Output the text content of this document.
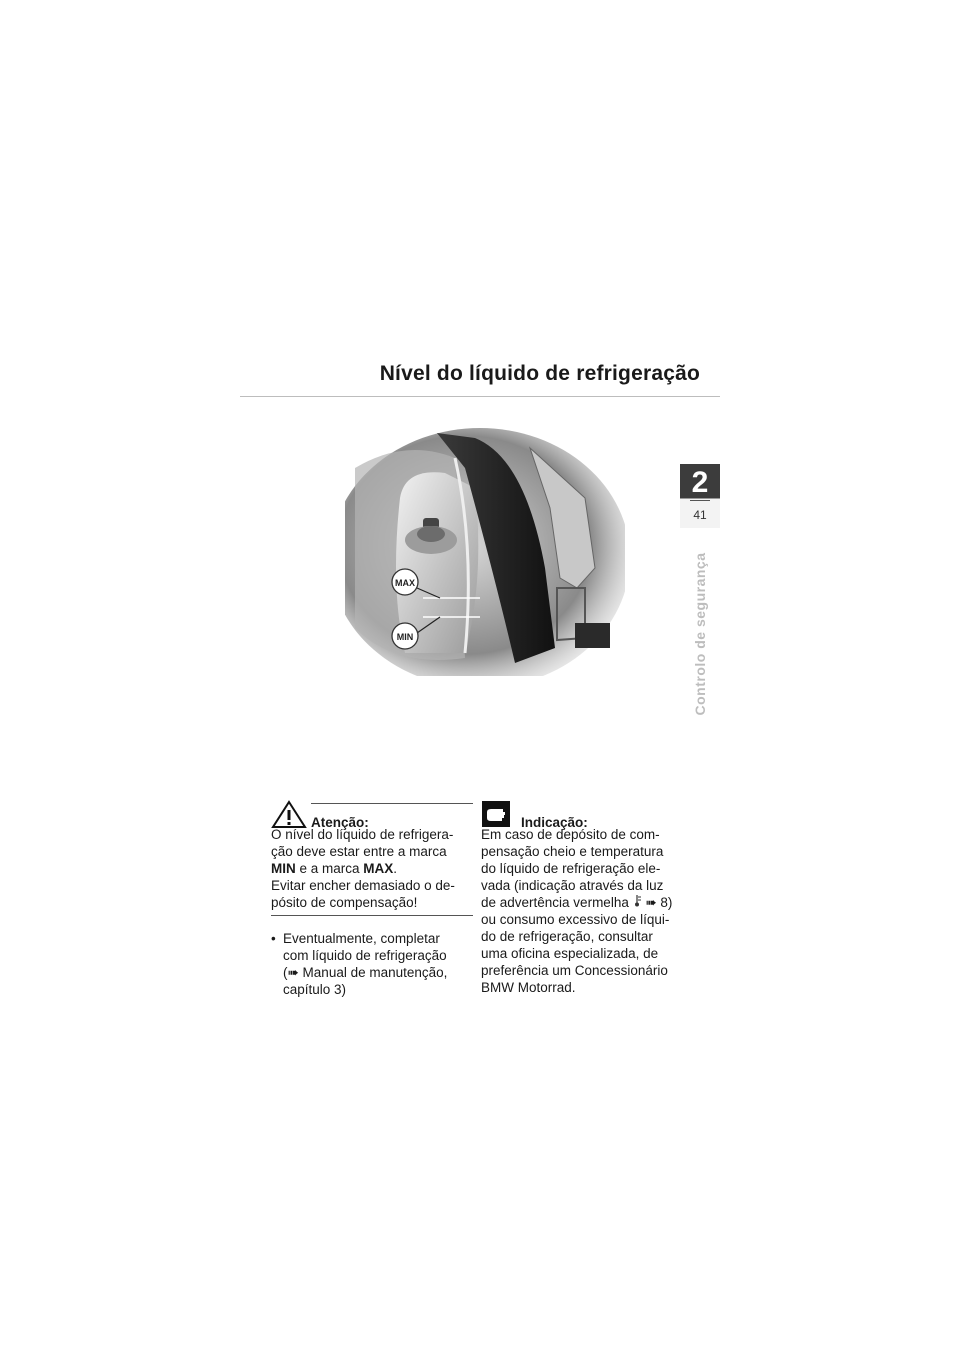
Nível do líquido de refrigeração
2
41
Controlo de segurança
MAX
MIN
Atenção:

O nível do líquido de refrigera-

ção deve estar entre a marca

MIN e a marca MAX.

Evitar encher demasiado o de-

pósito de compensação!

• Eventualmente, completar

com líquido de refrigeração

(➠ Manual de manutenção,

capítulo 3)

Indicação:

Em caso de depósito de com-

pensação cheio e temperatura

do líquido de refrigeração ele-

vada (indicação através da luz

de advertência vermelha  ➠ 8)

ou consumo excessivo de líqui-

do de refrigeração, consultar

uma oficina especializada, de

preferência um Concessionário

BMW Motorrad.
